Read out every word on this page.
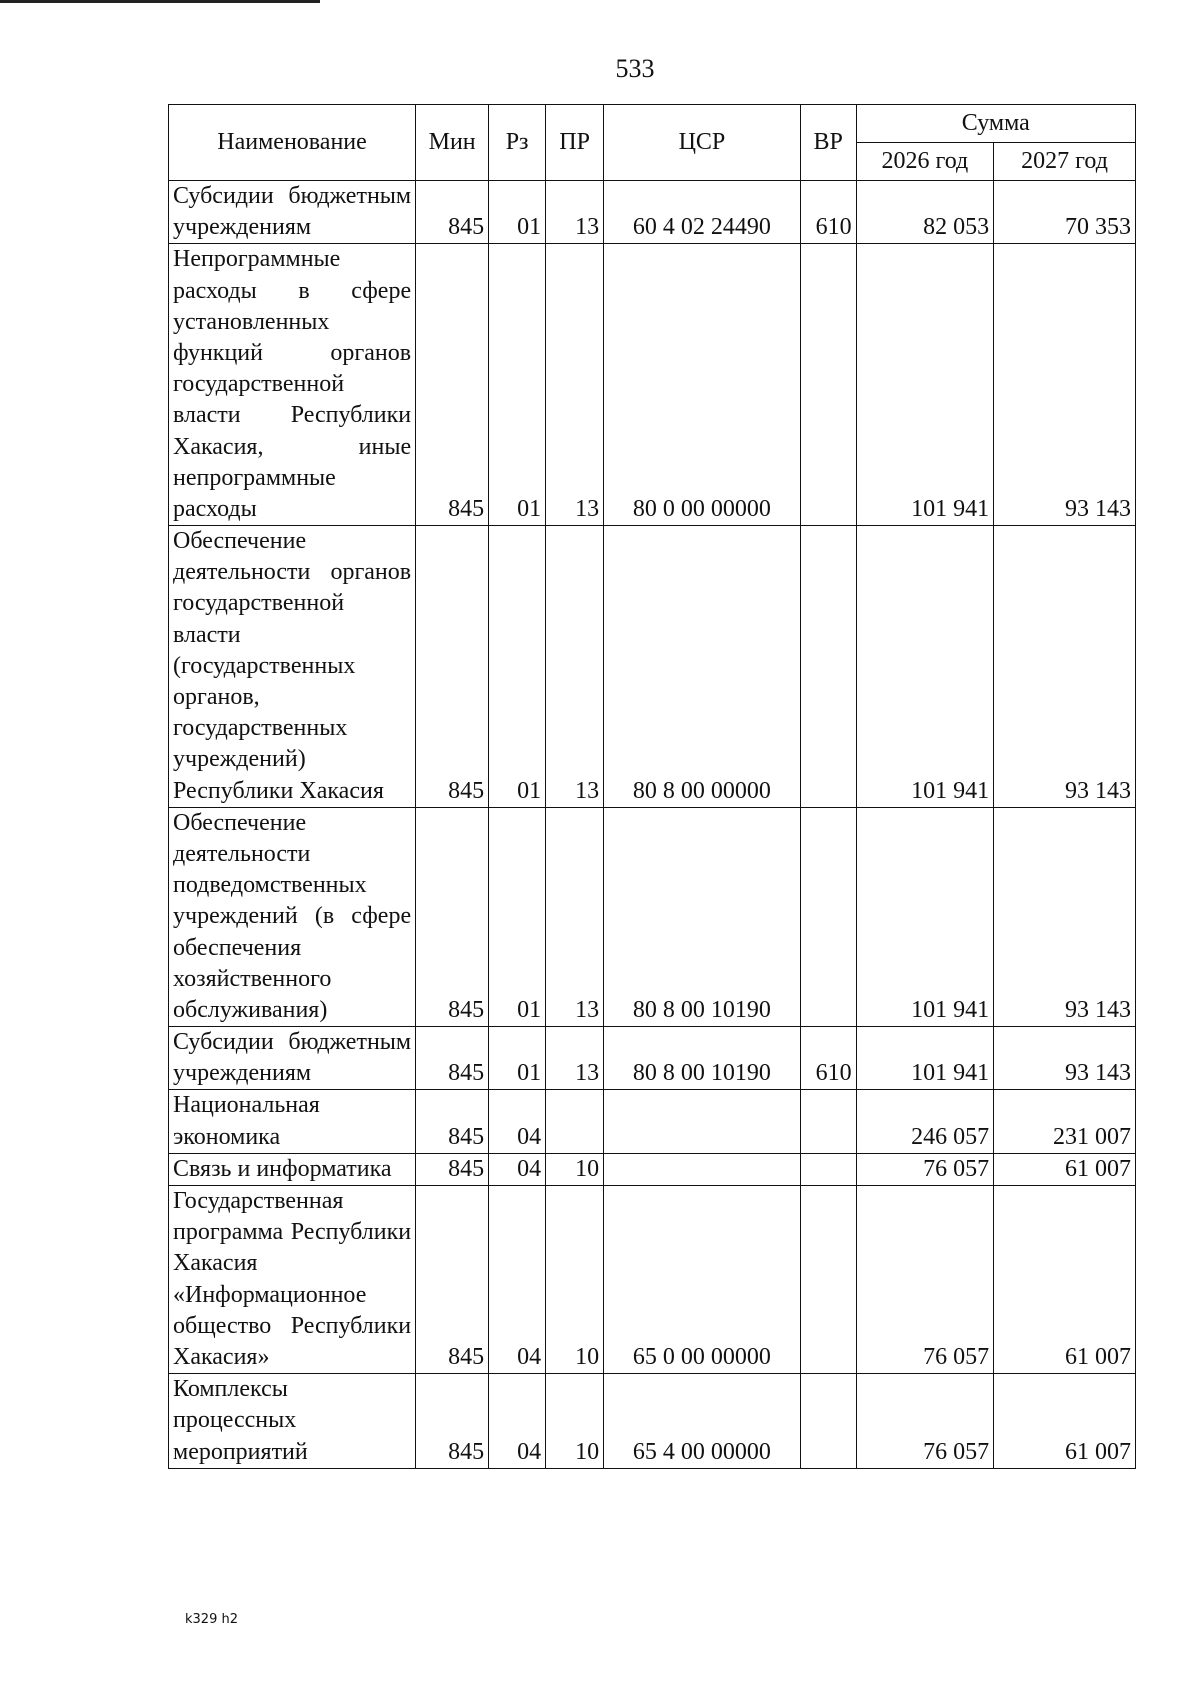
533
Наименование	Мин	Рз	ПР	ЦСР	ВР	Сумма	
						2026 год	2027 год
Субсидии бюджетным учреждениям	845	01	13	60 4 02 24490	610	82 053	70 353
Непрограммные расходы в сфере установленных функций органов государственной власти Республики Хакасия, иные непрограммные расходы	845	01	13	80 0 00 00000		101 941	93 143
Обеспечение деятельности органов государственной власти (государственных органов, государственных учреждений) Республики Хакасия	845	01	13	80 8 00 00000		101 941	93 143
Обеспечение деятельности подведомственных учреждений (в сфере обеспечения хозяйственного обслуживания)	845	01	13	80 8 00 10190		101 941	93 143
Субсидии бюджетным учреждениям	845	01	13	80 8 00 10190	610	101 941	93 143
Национальная экономика	845	04				246 057	231 007
Связь и информатика	845	04	10			76 057	61 007
Государственная программа Республики Хакасия «Информационное общество Республики Хакасия»	845	04	10	65 0 00 00000		76 057	61 007
Комплексы процессных мероприятий	845	04	10	65 4 00 00000		76 057	61 007
k329 h2
